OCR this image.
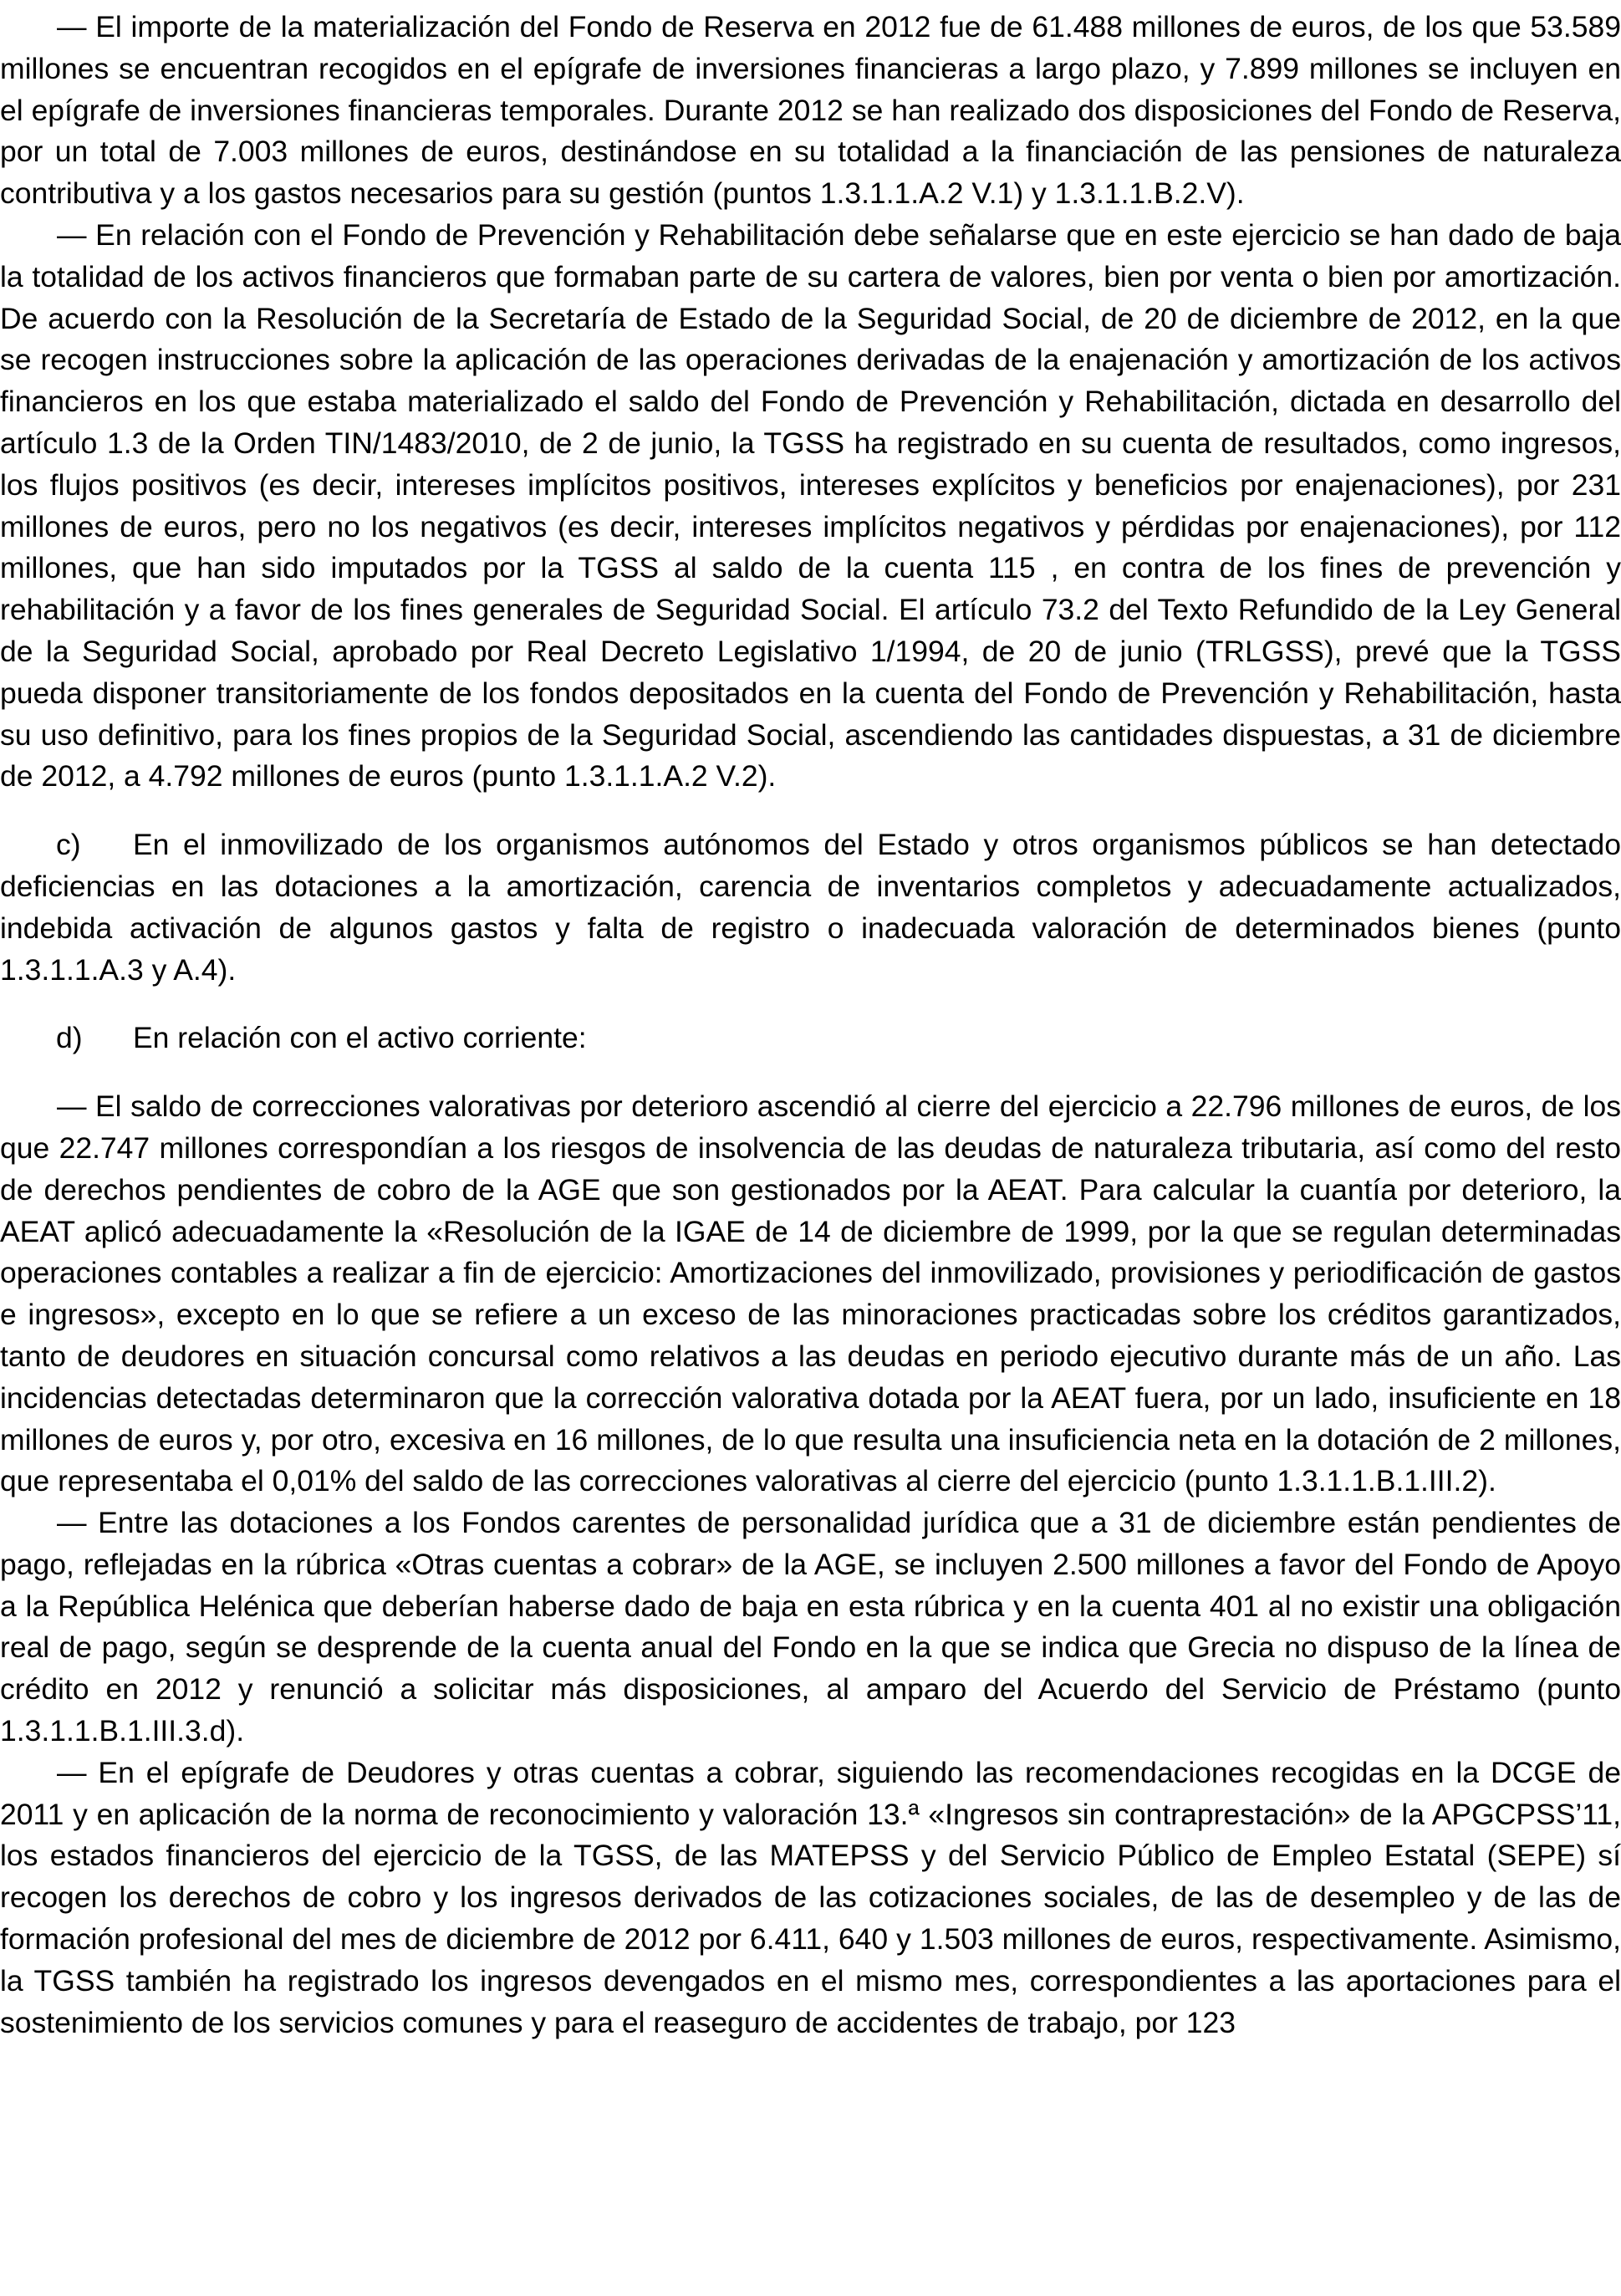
— El importe de la materialización del Fondo de Reserva en 2012 fue de 61.488 millones de euros, de los que 53.589 millones se encuentran recogidos en el epígrafe de inversiones financieras a largo plazo, y 7.899 millones se incluyen en el epígrafe de inversiones financieras temporales. Durante 2012 se han realizado dos disposiciones del Fondo de Reserva, por un total de 7.003 millones de euros, destinándose en su totalidad a la financiación de las pensiones de naturaleza contributiva y a los gastos necesarios para su gestión (puntos 1.3.1.1.A.2 V.1) y 1.3.1.1.B.2.V).

— En relación con el Fondo de Prevención y Rehabilitación debe señalarse que en este ejercicio se han dado de baja la totalidad de los activos financieros que formaban parte de su cartera de valores, bien por venta o bien por amortización. De acuerdo con la Resolución de la Secretaría de Estado de la Seguridad Social, de 20 de diciembre de 2012, en la que se recogen instrucciones sobre la aplicación de las operaciones derivadas de la enajenación y amortización de los activos financieros en los que estaba materializado el saldo del Fondo de Prevención y Rehabilitación, dictada en desarrollo del artículo 1.3 de la Orden TIN/1483/2010, de 2 de junio, la TGSS ha registrado en su cuenta de resultados, como ingresos, los flujos positivos (es decir, intereses implícitos positivos, intereses explícitos y beneficios por enajenaciones), por 231 millones de euros, pero no los negativos (es decir, intereses implícitos negativos y pérdidas por enajenaciones), por 112 millones, que han sido imputados por la TGSS al saldo de la cuenta 115 , en contra de los fines de prevención y rehabilitación y a favor de los fines generales de Seguridad Social. El artículo 73.2 del Texto Refundido de la Ley General de la Seguridad Social, aprobado por Real Decreto Legislativo 1/1994, de 20 de junio (TRLGSS), prevé que la TGSS pueda disponer transitoriamente de los fondos depositados en la cuenta del Fondo de Prevención y Rehabilitación, hasta su uso definitivo, para los fines propios de la Seguridad Social, ascendiendo las cantidades dispuestas, a 31 de diciembre de 2012, a 4.792 millones de euros (punto 1.3.1.1.A.2 V.2).

c) En el inmovilizado de los organismos autónomos del Estado y otros organismos públicos se han detectado deficiencias en las dotaciones a la amortización, carencia de inventarios completos y adecuadamente actualizados, indebida activación de algunos gastos y falta de registro o inadecuada valoración de determinados bienes (punto 1.3.1.1.A.3 y A.4).

d) En relación con el activo corriente:

— El saldo de correcciones valorativas por deterioro ascendió al cierre del ejercicio a 22.796 millones de euros, de los que 22.747 millones correspondían a los riesgos de insolvencia de las deudas de naturaleza tributaria, así como del resto de derechos pendientes de cobro de la AGE que son gestionados por la AEAT. Para calcular la cuantía por deterioro, la AEAT aplicó adecuadamente la «Resolución de la IGAE de 14 de diciembre de 1999, por la que se regulan determinadas operaciones contables a realizar a fin de ejercicio: Amortizaciones del inmovilizado, provisiones y periodificación de gastos e ingresos», excepto en lo que se refiere a un exceso de las minoraciones practicadas sobre los créditos garantizados, tanto de deudores en situación concursal como relativos a las deudas en periodo ejecutivo durante más de un año. Las incidencias detectadas determinaron que la corrección valorativa dotada por la AEAT fuera, por un lado, insuficiente en 18 millones de euros y, por otro, excesiva en 16 millones, de lo que resulta una insuficiencia neta en la dotación de 2 millones, que representaba el 0,01% del saldo de las correcciones valorativas al cierre del ejercicio (punto 1.3.1.1.B.1.III.2).

— Entre las dotaciones a los Fondos carentes de personalidad jurídica que a 31 de diciembre están pendientes de pago, reflejadas en la rúbrica «Otras cuentas a cobrar» de la AGE, se incluyen 2.500 millones a favor del Fondo de Apoyo a la República Helénica que deberían haberse dado de baja en esta rúbrica y en la cuenta 401 al no existir una obligación real de pago, según se desprende de la cuenta anual del Fondo en la que se indica que Grecia no dispuso de la línea de crédito en 2012 y renunció a solicitar más disposiciones, al amparo del Acuerdo del Servicio de Préstamo (punto 1.3.1.1.B.1.III.3.d).

— En el epígrafe de Deudores y otras cuentas a cobrar, siguiendo las recomendaciones recogidas en la DCGE de 2011 y en aplicación de la norma de reconocimiento y valoración 13.ª «Ingresos sin contraprestación» de la APGCPSS’11, los estados financieros del ejercicio de la TGSS, de las MATEPSS y del Servicio Público de Empleo Estatal (SEPE) sí recogen los derechos de cobro y los ingresos derivados de las cotizaciones sociales, de las de desempleo y de las de formación profesional del mes de diciembre de 2012 por 6.411, 640 y 1.503 millones de euros, respectivamente. Asimismo, la TGSS también ha registrado los ingresos devengados en el mismo mes, correspondientes a las aportaciones para el sostenimiento de los servicios comunes y para el reaseguro de accidentes de trabajo, por 123
